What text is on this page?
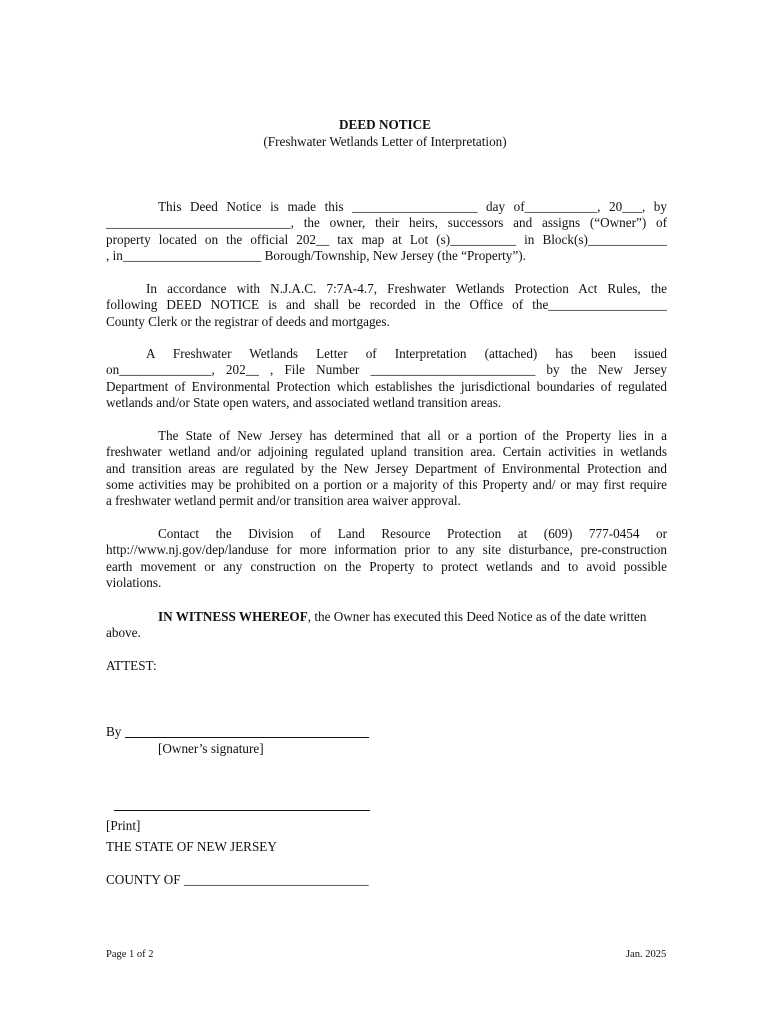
DEED NOTICE
(Freshwater Wetlands Letter of Interpretation)
This Deed Notice is made this ___________________ day of___________, 20___, by
____________________________, the owner, their heirs, successors and assigns (“Owner”) of
property located on the official 202__ tax map at Lot (s)__________ in Block(s)____________
, in_____________________ Borough/Township, New Jersey (the “Property”).
In accordance with N.J.A.C. 7:7A-4.7, Freshwater Wetlands Protection Act Rules, the
following DEED NOTICE is and shall be recorded in the Office of the__________________
County Clerk or the registrar of deeds and mortgages.
A Freshwater Wetlands Letter of Interpretation (attached) has been issued
on______________, 202__ , File Number _________________________ by the New Jersey
Department of Environmental Protection which establishes the jurisdictional boundaries of regulated
wetlands and/or State open waters, and associated wetland transition areas.
The State of New Jersey has determined that all or a portion of the Property lies in a
freshwater wetland and/or adjoining regulated upland transition area. Certain activities in wetlands
and transition areas are regulated by the New Jersey Department of Environmental Protection and
some activities may be prohibited on a portion or a majority of this Property and/ or may first require
a freshwater wetland permit and/or transition area waiver approval.
Contact the Division of Land Resource Protection at (609) 777-0454 or
http://www.nj.gov/dep/landuse for more information prior to any site disturbance, pre-construction
earth movement or any construction on the Property to protect wetlands and to avoid possible
violations.
IN WITNESS WHEREOF, the Owner has executed this Deed Notice as of the date written
above.
ATTEST:
By
[Owner’s signature]
[Print]
THE STATE OF NEW JERSEY
COUNTY OF ____________________________
Page 1 of 2	Jan. 2025
